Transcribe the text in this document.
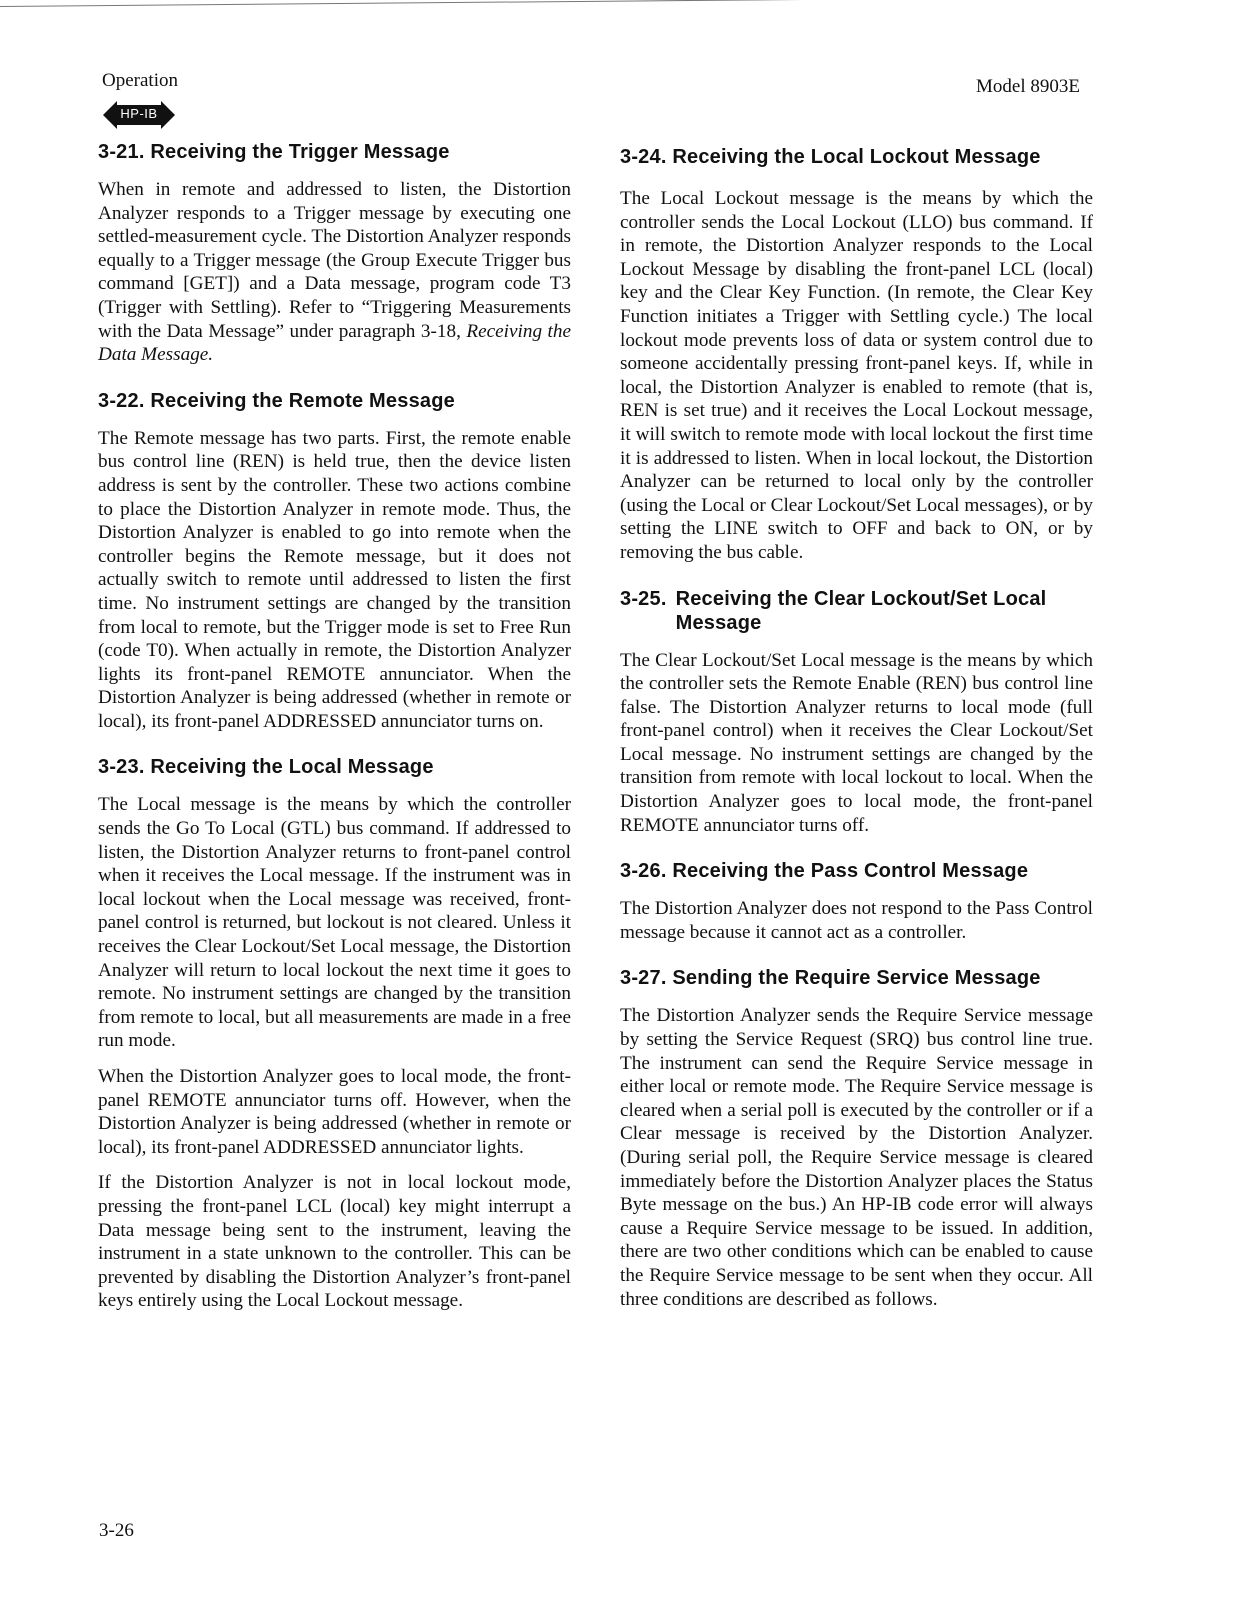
Operation	Model 8903E
HP-IB
3-21. Receiving the Trigger Message

When in remote and addressed to listen, the Distortion Analyzer responds to a Trigger message by executing one settled-measurement cycle. The Distortion Analyzer responds equally to a Trigger message (the Group Execute Trigger bus command [GET]) and a Data message, program code T3 (Trigger with Settling). Refer to “Triggering Measurements with the Data Message” under paragraph 3-18, Receiving the Data Message.

3-22. Receiving the Remote Message

The Remote message has two parts. First, the remote enable bus control line (REN) is held true, then the device listen address is sent by the controller. These two actions combine to place the Distortion Analyzer in remote mode. Thus, the Distortion Analyzer is enabled to go into remote when the controller begins the Remote message, but it does not actually switch to remote until addressed to listen the first time. No instrument settings are changed by the transition from local to remote, but the Trigger mode is set to Free Run (code T0). When actually in remote, the Distortion Analyzer lights its front-panel REMOTE annunciator. When the Distortion Analyzer is being addressed (whether in remote or local), its front-panel ADDRESSED annunciator turns on.

3-23. Receiving the Local Message

The Local message is the means by which the controller sends the Go To Local (GTL) bus command. If addressed to listen, the Distortion Analyzer returns to front-panel control when it receives the Local message. If the instrument was in local lockout when the Local message was received, front-panel control is returned, but lockout is not cleared. Unless it receives the Clear Lockout/Set Local message, the Distortion Analyzer will return to local lockout the next time it goes to remote. No instrument settings are changed by the transition from remote to local, but all measurements are made in a free run mode.

When the Distortion Analyzer goes to local mode, the front-panel REMOTE annunciator turns off. However, when the Distortion Analyzer is being addressed (whether in remote or local), its front-panel ADDRESSED annunciator lights.

If the Distortion Analyzer is not in local lockout mode, pressing the front-panel LCL (local) key might interrupt a Data message being sent to the instrument, leaving the instrument in a state unknown to the controller. This can be prevented by disabling the Distortion Analyzer’s front-panel keys entirely using the Local Lockout message.

3-24. Receiving the Local Lockout Message

The Local Lockout message is the means by which the controller sends the Local Lockout (LLO) bus command. If in remote, the Distortion Analyzer responds to the Local Lockout Message by disabling the front-panel LCL (local) key and the Clear Key Function. (In remote, the Clear Key Function initiates a Trigger with Settling cycle.) The local lockout mode prevents loss of data or system control due to someone accidentally pressing front-panel keys. If, while in local, the Distortion Analyzer is enabled to remote (that is, REN is set true) and it receives the Local Lockout message, it will switch to remote mode with local lockout the first time it is addressed to listen. When in local lockout, the Distortion Analyzer can be returned to local only by the controller (using the Local or Clear Lockout/Set Local messages), or by setting the LINE switch to OFF and back to ON, or by removing the bus cable.

3-25. Receiving the Clear Lockout/Set Local Message

The Clear Lockout/Set Local message is the means by which the controller sets the Remote Enable (REN) bus control line false. The Distortion Analyzer returns to local mode (full front-panel control) when it receives the Clear Lockout/Set Local message. No instrument settings are changed by the transition from remote with local lockout to local. When the Distortion Analyzer goes to local mode, the front-panel REMOTE annunciator turns off.

3-26. Receiving the Pass Control Message

The Distortion Analyzer does not respond to the Pass Control message because it cannot act as a controller.

3-27. Sending the Require Service Message

The Distortion Analyzer sends the Require Service message by setting the Service Request (SRQ) bus control line true. The instrument can send the Require Service message in either local or remote mode. The Require Service message is cleared when a serial poll is executed by the controller or if a Clear message is received by the Distortion Analyzer. (During serial poll, the Require Service message is cleared immediately before the Distortion Analyzer places the Status Byte message on the bus.) An HP-IB code error will always cause a Require Service message to be issued. In addition, there are two other conditions which can be enabled to cause the Require Service message to be sent when they occur. All three conditions are described as follows.

3-26
